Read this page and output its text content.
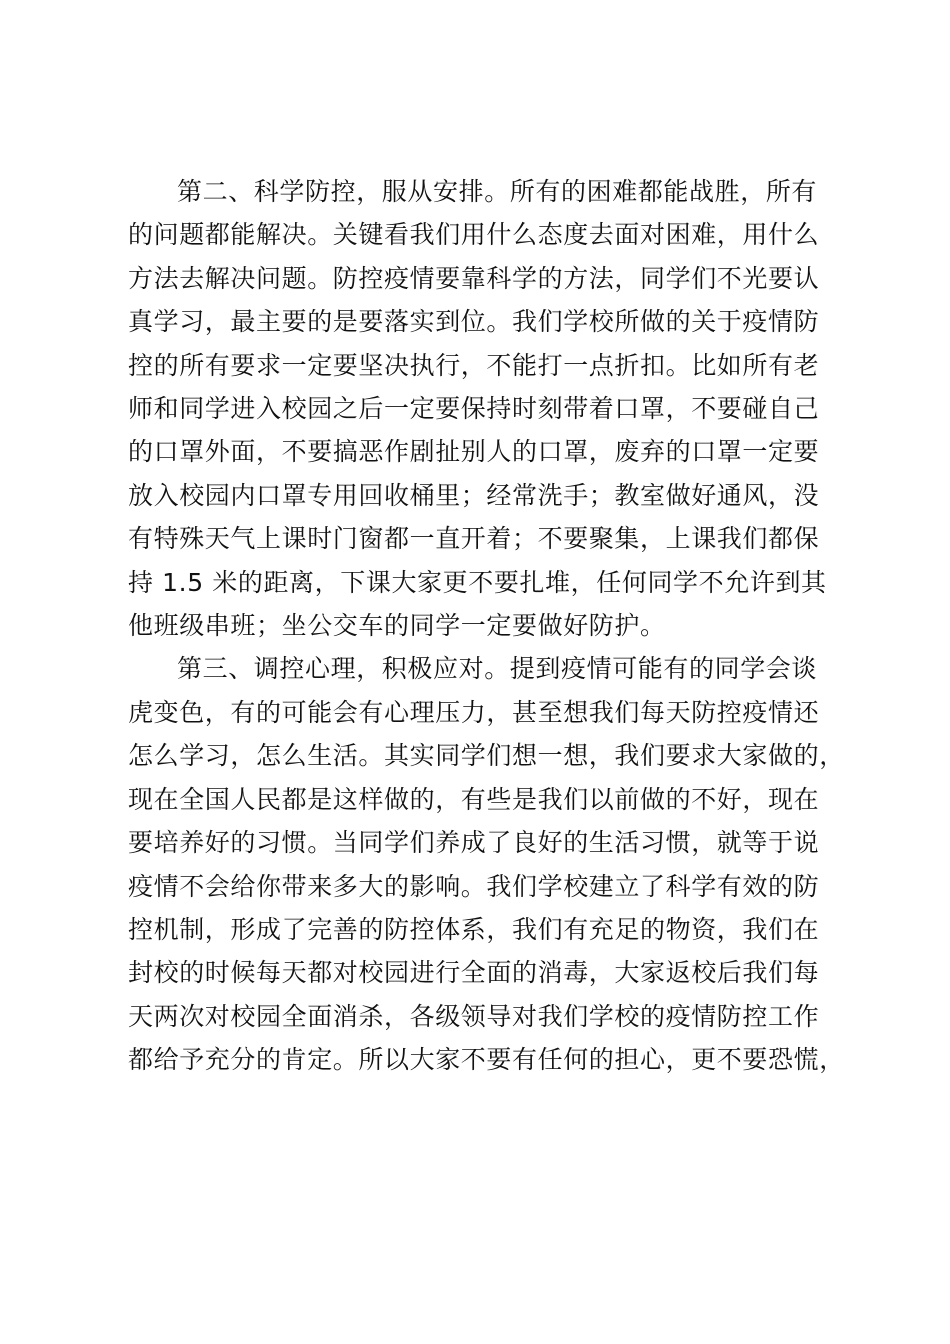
第二、科学防控，服从安排。所有的困难都能战胜，所有
的问题都能解决。关键看我们用什么态度去面对困难，用什么
方法去解决问题。防控疫情要靠科学的方法，同学们不光要认
真学习，最主要的是要落实到位。我们学校所做的关于疫情防
控的所有要求一定要坚决执行，不能打一点折扣。比如所有老
师和同学进入校园之后一定要保持时刻带着口罩，不要碰自己
的口罩外面，不要搞恶作剧扯别人的口罩，废弃的口罩一定要
放入校园内口罩专用回收桶里；经常洗手；教室做好通风，没
有特殊天气上课时门窗都一直开着；不要聚集，上课我们都保
持 1.5 米的距离，下课大家更不要扎堆，任何同学不允许到其
他班级串班；坐公交车的同学一定要做好防护。
第三、调控心理，积极应对。提到疫情可能有的同学会谈
虎变色，有的可能会有心理压力，甚至想我们每天防控疫情还
怎么学习，怎么生活。其实同学们想一想，我们要求大家做的，
现在全国人民都是这样做的，有些是我们以前做的不好，现在
要培养好的习惯。当同学们养成了良好的生活习惯，就等于说
疫情不会给你带来多大的影响。我们学校建立了科学有效的防
控机制，形成了完善的防控体系，我们有充足的物资，我们在
封校的时候每天都对校园进行全面的消毒，大家返校后我们每
天两次对校园全面消杀，各级领导对我们学校的疫情防控工作
都给予充分的肯定。所以大家不要有任何的担心，更不要恐慌，
